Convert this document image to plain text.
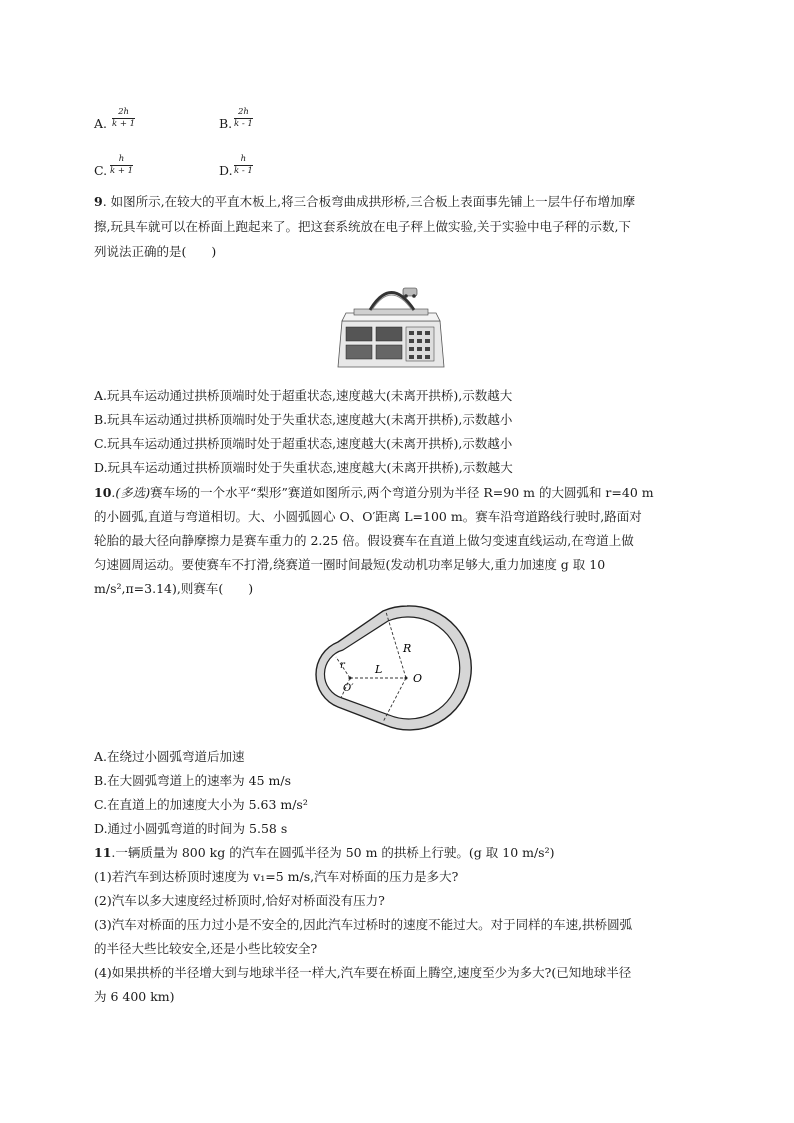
A.
2h
k + 1	B.
2h
k - 1
C.
h
k + 1	D.
h
k - 1
9. 如图所示,在较大的平直木板上,将三合板弯曲成拱形桥,三合板上表面事先铺上一层牛仔布增加摩
擦,玩具车就可以在桥面上跑起来了。把这套系统放在电子秤上做实验,关于实验中电子秤的示数,下
列说法正确的是(　　)
A.玩具车运动通过拱桥顶端时处于超重状态,速度越大(未离开拱桥),示数越大
B.玩具车运动通过拱桥顶端时处于失重状态,速度越大(未离开拱桥),示数越小
C.玩具车运动通过拱桥顶端时处于超重状态,速度越大(未离开拱桥),示数越小
D.玩具车运动通过拱桥顶端时处于失重状态,速度越大(未离开拱桥),示数越大
10.(多选)赛车场的一个水平“梨形”赛道如图所示,两个弯道分别为半径 R=90 m 的大圆弧和 r=40 m
的小圆弧,直道与弯道相切。大、小圆弧圆心 O、O′距离 L=100 m。赛车沿弯道路线行驶时,路面对
轮胎的最大径向静摩擦力是赛车重力的 2.25 倍。假设赛车在直道上做匀变速直线运动,在弯道上做
匀速圆周运动。要使赛车不打滑,绕赛道一圈时间最短(发动机功率足够大,重力加速度 g 取 10
m/s²,π=3.14),则赛车(　　)
R
r	L
O
O′
A.在绕过小圆弧弯道后加速
B.在大圆弧弯道上的速率为 45 m/s
C.在直道上的加速度大小为 5.63 m/s²
D.通过小圆弧弯道的时间为 5.58 s
11.一辆质量为 800 kg 的汽车在圆弧半径为 50 m 的拱桥上行驶。(g 取 10 m/s²)
(1)若汽车到达桥顶时速度为 v₁=5 m/s,汽车对桥面的压力是多大?
(2)汽车以多大速度经过桥顶时,恰好对桥面没有压力?
(3)汽车对桥面的压力过小是不安全的,因此汽车过桥时的速度不能过大。对于同样的车速,拱桥圆弧
的半径大些比较安全,还是小些比较安全?
(4)如果拱桥的半径增大到与地球半径一样大,汽车要在桥面上腾空,速度至少为多大?(已知地球半径
为 6 400 km)
